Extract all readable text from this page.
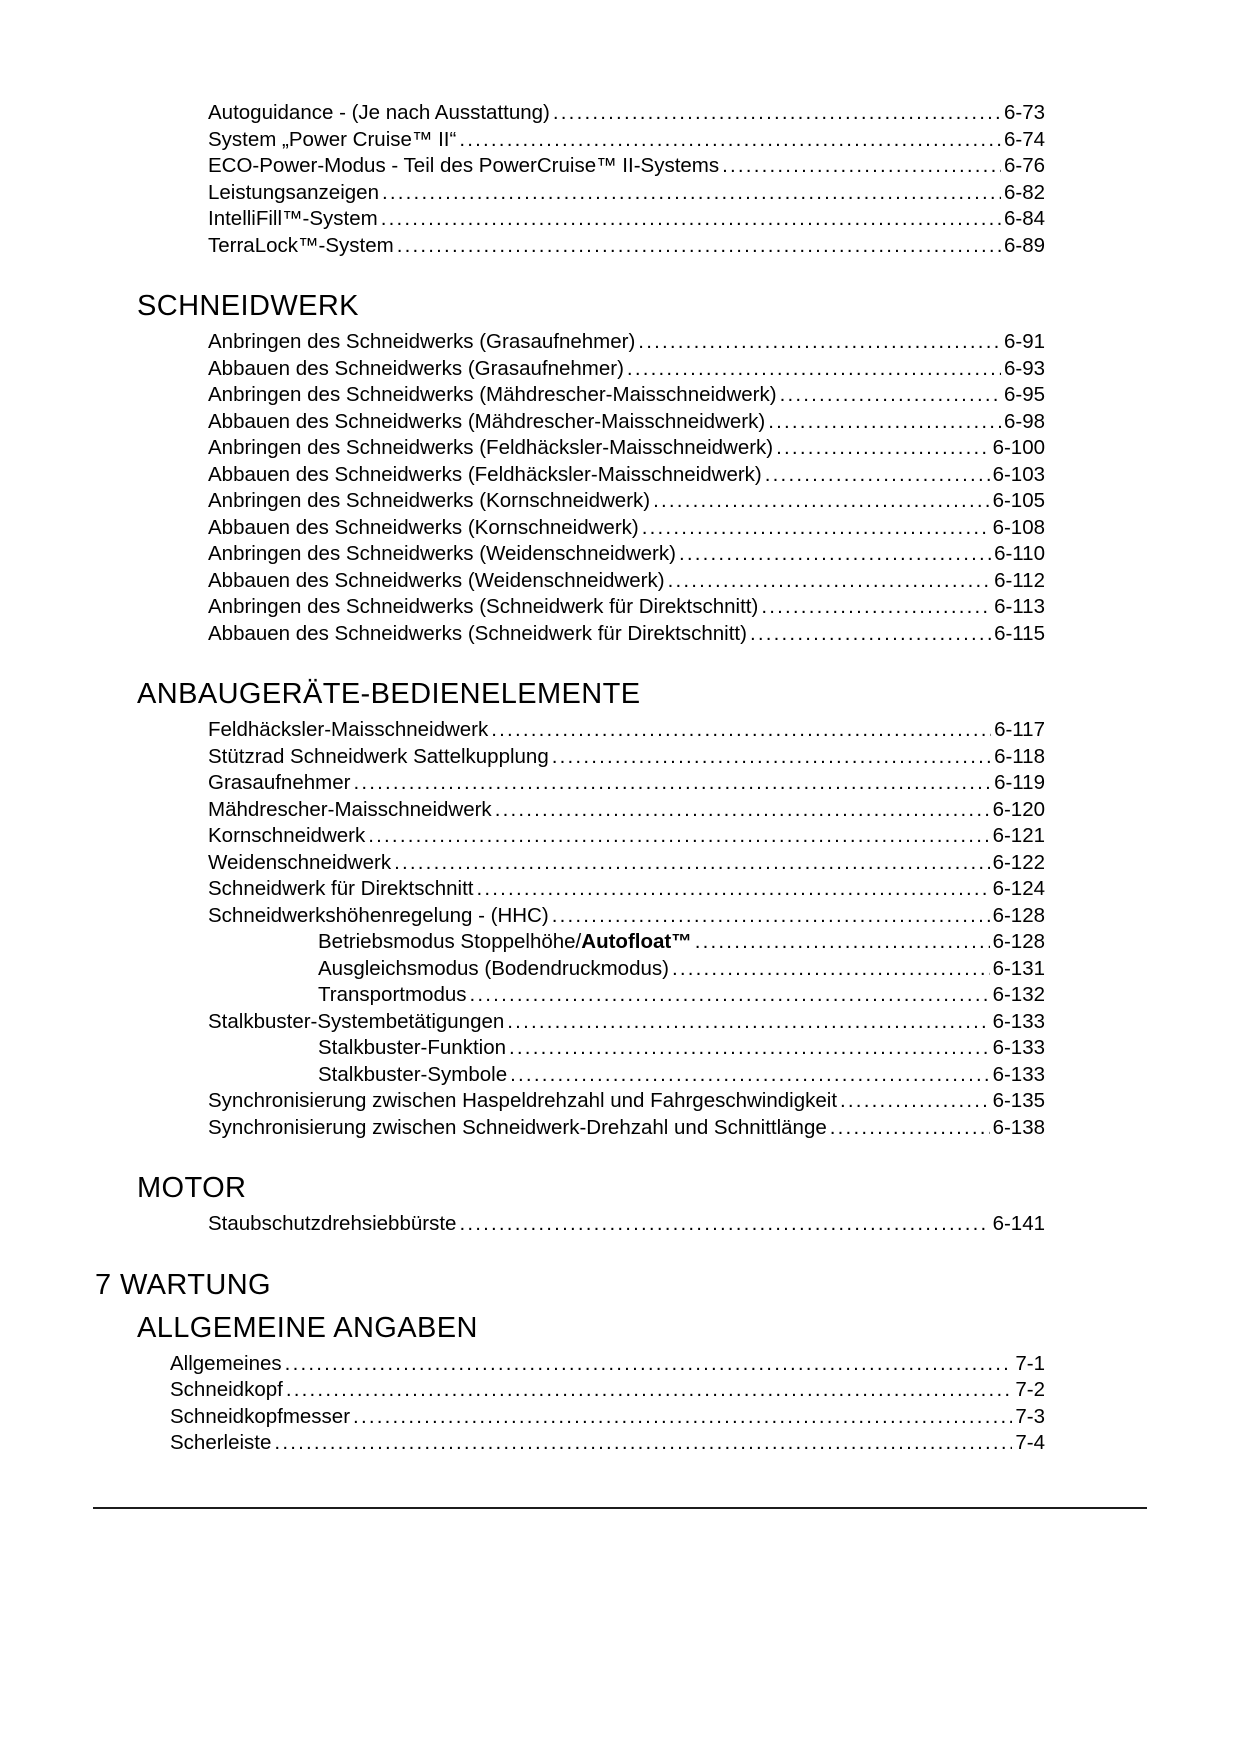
Autoguidance - (Je nach Ausstattung) .....	6-73
System „Power Cruise™ II“ .....	6-74
ECO-Power-Modus - Teil des PowerCruise™ II-Systems .....	6-76
Leistungsanzeigen .....	6-82
IntelliFill™-System .....	6-84
TerraLock™-System .....	6-89
SCHNEIDWERK
Anbringen des Schneidwerks (Grasaufnehmer) .....	6-91
Abbauen des Schneidwerks (Grasaufnehmer) .....	6-93
Anbringen des Schneidwerks (Mähdrescher-Maisschneidwerk) .....	6-95
Abbauen des Schneidwerks (Mähdrescher-Maisschneidwerk) .....	6-98
Anbringen des Schneidwerks (Feldhäcksler-Maisschneidwerk) .....	6-100
Abbauen des Schneidwerks (Feldhäcksler-Maisschneidwerk) .....	6-103
Anbringen des Schneidwerks (Kornschneidwerk) .....	6-105
Abbauen des Schneidwerks (Kornschneidwerk) .....	6-108
Anbringen des Schneidwerks (Weidenschneidwerk) .....	6-110
Abbauen des Schneidwerks (Weidenschneidwerk) .....	6-112
Anbringen des Schneidwerks (Schneidwerk für Direktschnitt) .....	6-113
Abbauen des Schneidwerks (Schneidwerk für Direktschnitt) .....	6-115
ANBAUGERÄTE-BEDIENELEMENTE
Feldhäcksler-Maisschneidwerk .....	6-117
Stützrad Schneidwerk Sattelkupplung .....	6-118
Grasaufnehmer .....	6-119
Mähdrescher-Maisschneidwerk .....	6-120
Kornschneidwerk .....	6-121
Weidenschneidwerk .....	6-122
Schneidwerk für Direktschnitt .....	6-124
Schneidwerkshöhenregelung - (HHC) .....	6-128
Betriebsmodus Stoppelhöhe/Autofloat™ .....	6-128
Ausgleichsmodus (Bodendruckmodus) .....	6-131
Transportmodus .....	6-132
Stalkbuster-Systembetätigungen .....	6-133
Stalkbuster-Funktion .....	6-133
Stalkbuster-Symbole .....	6-133
Synchronisierung zwischen Haspeldrehzahl und Fahrgeschwindigkeit .....	6-135
Synchronisierung zwischen Schneidwerk-Drehzahl und Schnittlänge .....	6-138
MOTOR
Staubschutzdrehsiebbürste .....	6-141
7 WARTUNG
ALLGEMEINE ANGABEN
Allgemeines .....	7-1
Schneidkopf .....	7-2
Schneidkopfmesser .....	7-3
Scherleiste .....	7-4
